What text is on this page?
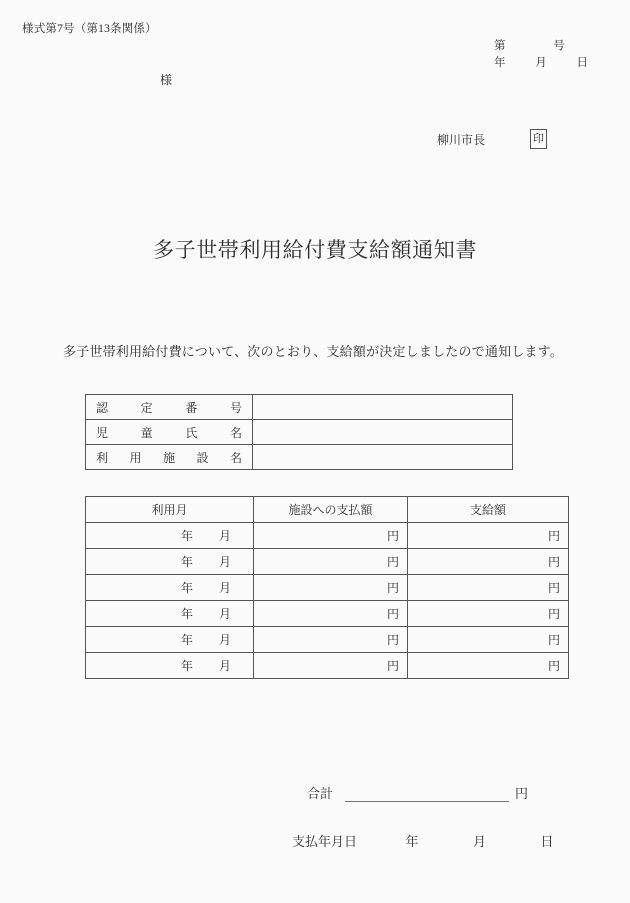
様式第7号（第13条関係）
第	号
年	月	日
様
柳川市長	印
多子世帯利用給付費支給額通知書
多子世帯利用給付費について、次のとおり、支給額が決定しましたので通知します。
認 定 番 号	

児 童 氏 名	

利 用 施 設 名	

利用月	施設への支払額	支給額

年 月	円	円

年 月	円	円

年 月	円	円

年 月	円	円

年 月	円	円

年 月	円	円
合計	円
支払年月日	年	月	日
